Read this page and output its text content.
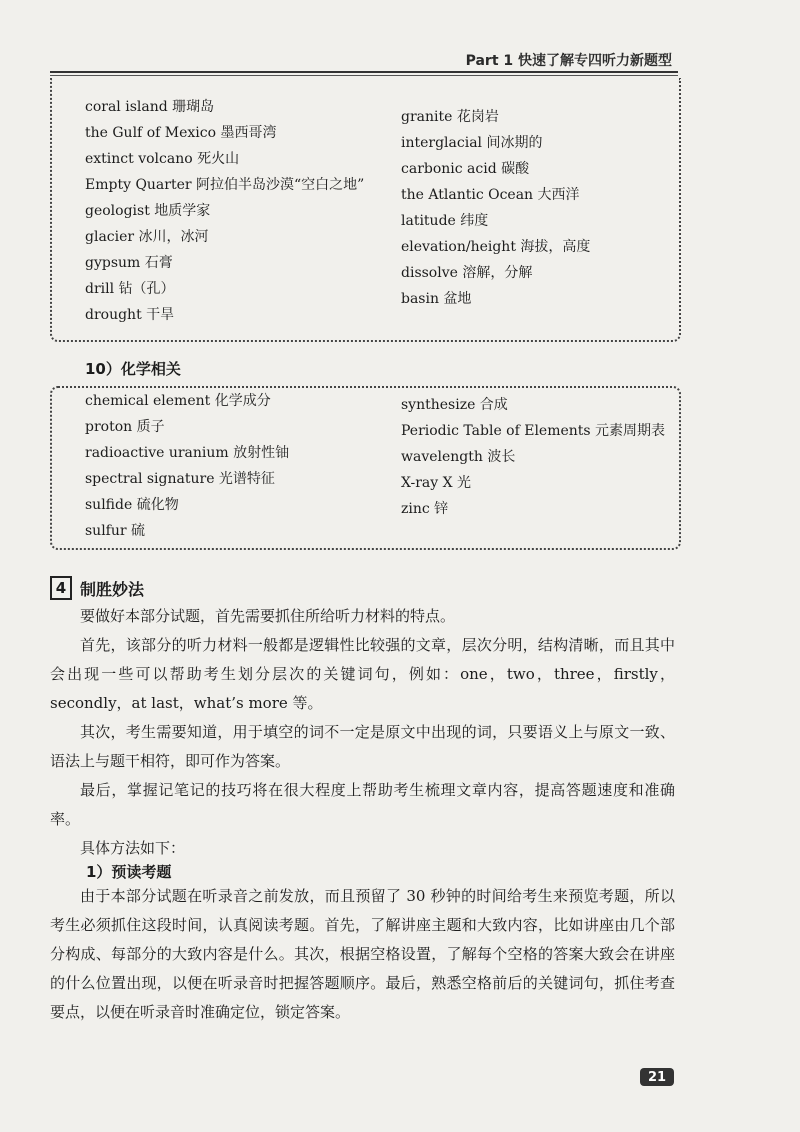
Part 1 快速了解专四听力新题型
coral island 珊瑚岛
the Gulf of Mexico 墨西哥湾
extinct volcano 死火山
Empty Quarter 阿拉伯半岛沙漠“空白之地”
geologist 地质学家
glacier 冰川，冰河
gypsum 石膏
drill 钻（孔）
drought 干旱
granite 花岗岩
interglacial 间冰期的
carbonic acid 碳酸
the Atlantic Ocean 大西洋
latitude 纬度
elevation/height 海拔，高度
dissolve 溶解，分解
basin 盆地
10）化学相关
chemical element 化学成分
proton 质子
radioactive uranium 放射性铀
spectral signature 光谱特征
sulfide 硫化物
sulfur 硫
synthesize 合成
Periodic Table of Elements 元素周期表
wavelength 波长
X-ray X 光
zinc 锌
4 制胜妙法

要做好本部分试题，首先需要抓住所给听力材料的特点。

首先，该部分的听力材料一般都是逻辑性比较强的文章，层次分明，结构清晰，而且其中会出现一些可以帮助考生划分层次的关键词句，例如：one，two，three，firstly，secondly，at last，what’s more 等。

其次，考生需要知道，用于填空的词不一定是原文中出现的词，只要语义上与原文一致、语法上与题干相符，即可作为答案。

最后，掌握记笔记的技巧将在很大程度上帮助考生梳理文章内容，提高答题速度和准确率。

具体方法如下：

1）预读考题

由于本部分试题在听录音之前发放，而且预留了 30 秒钟的时间给考生来预览考题，所以考生必须抓住这段时间，认真阅读考题。首先，了解讲座主题和大致内容，比如讲座由几个部分构成、每部分的大致内容是什么。其次，根据空格设置，了解每个空格的答案大致会在讲座的什么位置出现，以便在听录音时把握答题顺序。最后，熟悉空格前后的关键词句，抓住考查要点，以便在听录音时准确定位，锁定答案。

21
